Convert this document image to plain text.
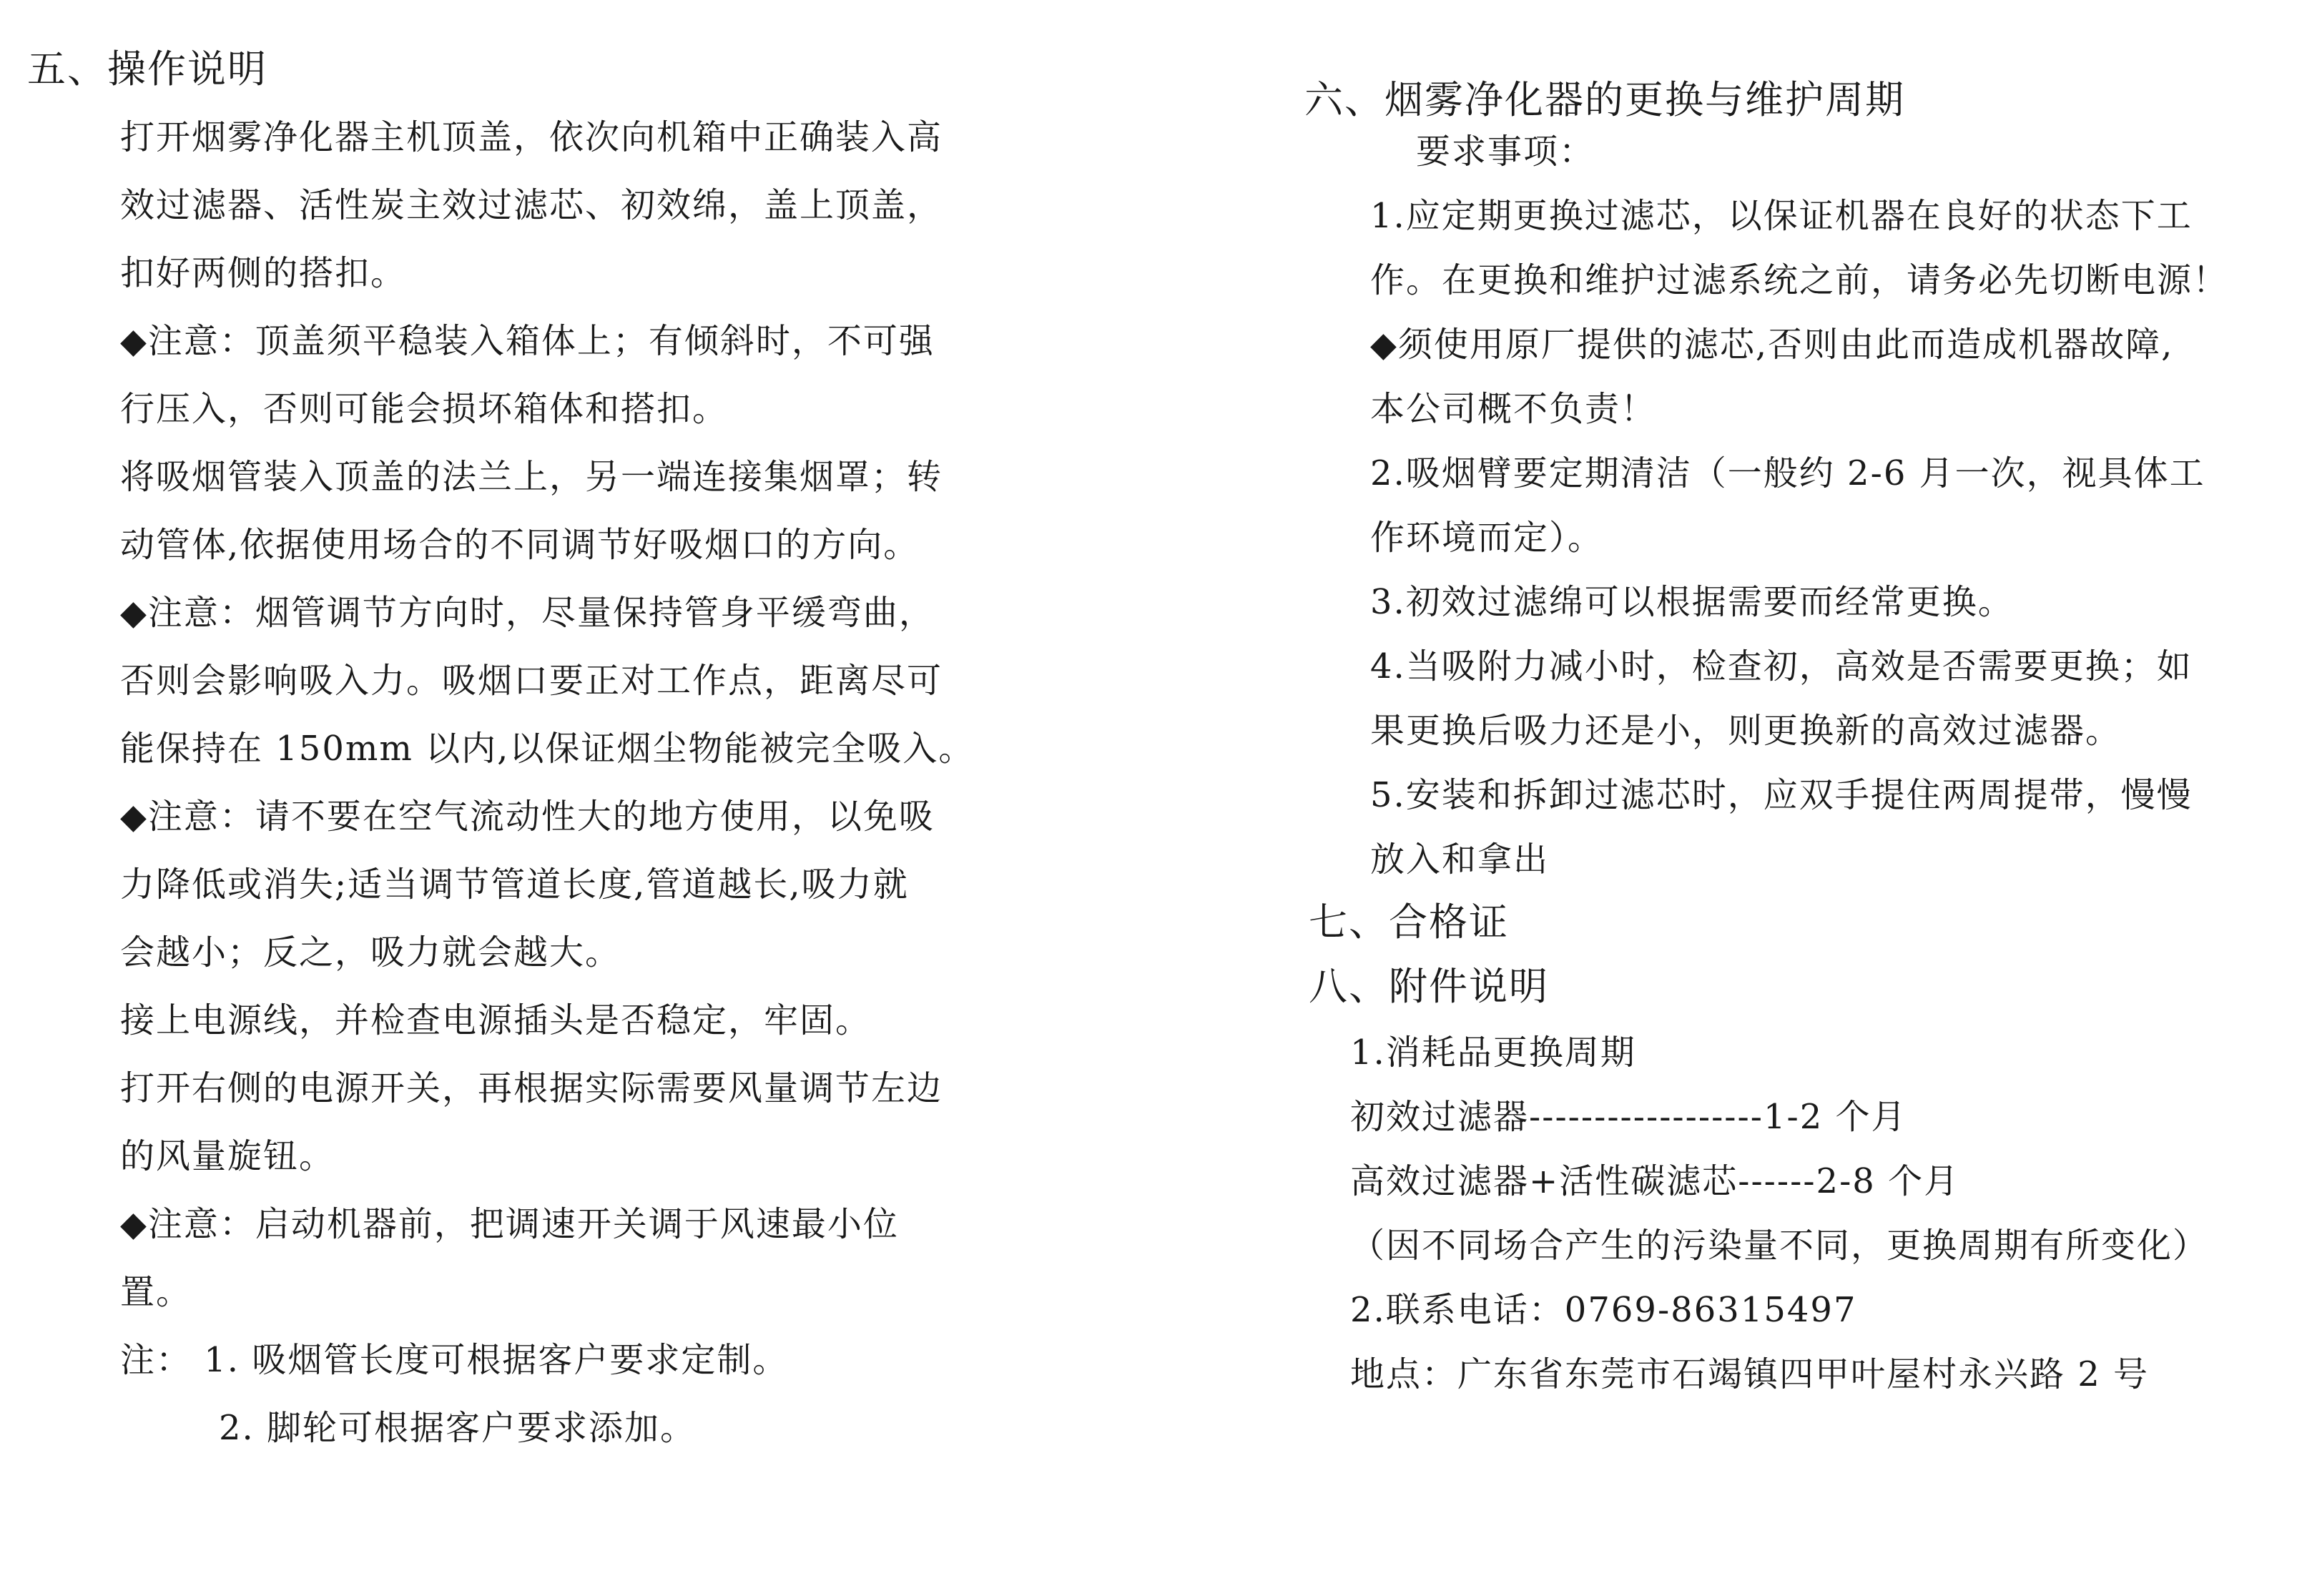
五、操作说明
打开烟雾净化器主机顶盖，依次向机箱中正确装入高
效过滤器、活性炭主效过滤芯、初效绵，盖上顶盖，
扣好两侧的搭扣。
◆注意：顶盖须平稳装入箱体上；有倾斜时，不可强
行压入，否则可能会损坏箱体和搭扣。
将吸烟管装入顶盖的法兰上，另一端连接集烟罩；转
动管体,依据使用场合的不同调节好吸烟口的方向。
◆注意：烟管调节方向时，尽量保持管身平缓弯曲，
否则会影响吸入力。吸烟口要正对工作点，距离尽可
能保持在 150mm 以内,以保证烟尘物能被完全吸入。
◆注意：请不要在空气流动性大的地方使用，以免吸
力降低或消失;适当调节管道长度,管道越长,吸力就
会越小；反之，吸力就会越大。
接上电源线，并检查电源插头是否稳定，牢固。
打开右侧的电源开关，再根据实际需要风量调节左边
的风量旋钮。
◆注意：启动机器前，把调速开关调于风速最小位
置。
注： 1. 吸烟管长度可根据客户要求定制。
2. 脚轮可根据客户要求添加。
六、烟雾净化器的更换与维护周期
要求事项：
1.应定期更换过滤芯，以保证机器在良好的状态下工
作。在更换和维护过滤系统之前，请务必先切断电源！
◆须使用原厂提供的滤芯,否则由此而造成机器故障,
本公司概不负责！
2.吸烟臂要定期清洁（一般约 2-6 月一次，视具体工
作环境而定）。
3.初效过滤绵可以根据需要而经常更换。
4.当吸附力减小时，检查初，高效是否需要更换；如
果更换后吸力还是小，则更换新的高效过滤器。
5.安装和拆卸过滤芯时，应双手提住两周提带，慢慢
放入和拿出
七、合格证
八、附件说明
1.消耗品更换周期
初效过滤器------------------1-2 个月
高效过滤器+活性碳滤芯------2-8 个月
（因不同场合产生的污染量不同，更换周期有所变化）
2.联系电话：0769-86315497
地点：广东省东莞市石竭镇四甲叶屋村永兴路 2 号
